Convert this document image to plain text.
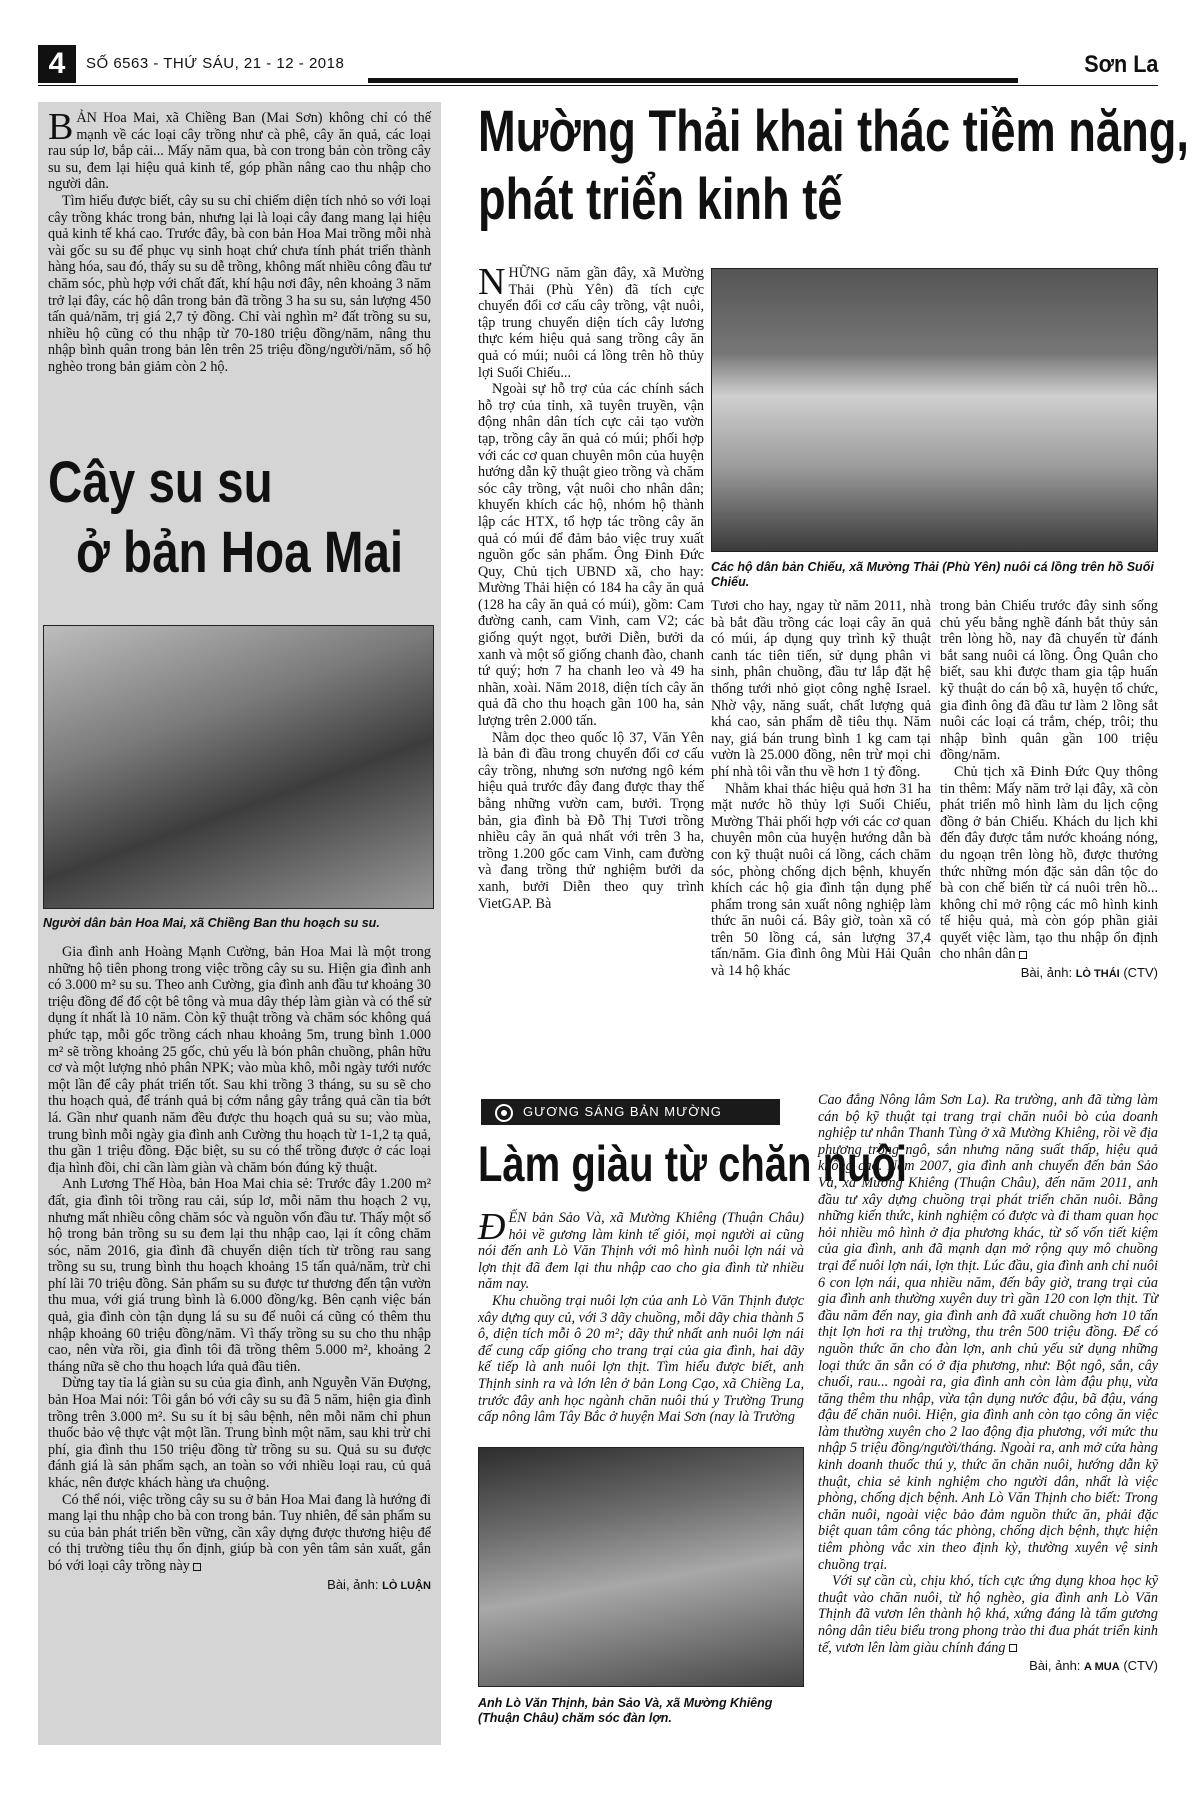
4	SỐ 6563 - THỨ SÁU, 21 - 12 - 2018	Sơn La

BẢN Hoa Mai, xã Chiềng Ban (Mai Sơn) không chỉ có thế mạnh về các loại cây trồng như cà phê, cây ăn quả, các loại rau súp lơ, bắp cải... Mấy năm qua, bà con trong bản còn trồng cây su su, đem lại hiệu quả kinh tế, góp phần nâng cao thu nhập cho người dân.

Tìm hiểu được biết, cây su su chỉ chiếm diện tích nhỏ so với loại cây trồng khác trong bản, nhưng lại là loại cây đang mang lại hiệu quả kinh tế khá cao. Trước đây, bà con bản Hoa Mai trồng mỗi nhà vài gốc su su để phục vụ sinh hoạt chứ chưa tính phát triển thành hàng hóa, sau đó, thấy su su dễ trồng, không mất nhiều công đầu tư chăm sóc, phù hợp với chất đất, khí hậu nơi đây, nên khoảng 3 năm trở lại đây, các hộ dân trong bản đã trồng 3 ha su su, sản lượng 450 tấn quả/năm, trị giá 2,7 tỷ đồng. Chỉ vài nghìn m² đất trồng su su, nhiều hộ cũng có thu nhập từ 70-180 triệu đồng/năm, nâng thu nhập bình quân trong bản lên trên 25 triệu đồng/người/năm, số hộ nghèo trong bản giảm còn 2 hộ.

Cây su su
ở bản Hoa Mai
Người dân bản Hoa Mai, xã Chiềng Ban thu hoạch su su.

Gia đình anh Hoàng Mạnh Cường, bản Hoa Mai là một trong những hộ tiên phong trong việc trồng cây su su. Hiện gia đình anh có 3.000 m² su su. Theo anh Cường, gia đình anh đầu tư khoảng 30 triệu đồng để đổ cột bê tông và mua dây thép làm giàn và có thể sử dụng ít nhất là 10 năm. Còn kỹ thuật trồng và chăm sóc không quá phức tạp, mỗi gốc trồng cách nhau khoảng 5m, trung bình 1.000 m² sẽ trồng khoảng 25 gốc, chủ yếu là bón phân chuồng, phân hữu cơ và một lượng nhỏ phân NPK; vào mùa khô, mỗi ngày tưới nước một lần để cây phát triển tốt. Sau khi trồng 3 tháng, su su sẽ cho thu hoạch quả, để tránh quả bị cớm nắng gây trắng quả cần tỉa bớt lá. Gần như quanh năm đều được thu hoạch quả su su; vào mùa, trung bình mỗi ngày gia đình anh Cường thu hoạch từ 1-1,2 tạ quả, thu gần 1 triệu đồng. Đặc biệt, su su có thể trồng được ở các loại địa hình đồi, chỉ cần làm giàn và chăm bón đúng kỹ thuật.

Anh Lương Thế Hòa, bản Hoa Mai chia sẻ: Trước đây 1.200 m² đất, gia đình tôi trồng rau cải, súp lơ, mỗi năm thu hoạch 2 vụ, nhưng mất nhiều công chăm sóc và nguồn vốn đầu tư. Thấy một số hộ trong bản trồng su su đem lại thu nhập cao, lại ít công chăm sóc, năm 2016, gia đình đã chuyển diện tích từ trồng rau sang trồng su su, trung bình thu hoạch khoảng 15 tấn quả/năm, trừ chi phí lãi 70 triệu đồng. Sản phẩm su su được tư thương đến tận vườn thu mua, với giá trung bình là 6.000 đồng/kg. Bên cạnh việc bán quả, gia đình còn tận dụng lá su su để nuôi cá cũng có thêm thu nhập khoảng 60 triệu đồng/năm. Vì thấy trồng su su cho thu nhập cao, nên vừa rồi, gia đình tôi đã trồng thêm 5.000 m², khoảng 2 tháng nữa sẽ cho thu hoạch lứa quả đầu tiên.

Dừng tay tỉa lá giàn su su của gia đình, anh Nguyễn Văn Đượng, bản Hoa Mai nói: Tôi gắn bó với cây su su đã 5 năm, hiện gia đình trồng trên 3.000 m². Su su ít bị sâu bệnh, nên mỗi năm chỉ phun thuốc bảo vệ thực vật một lần. Trung bình một năm, sau khi trừ chi phí, gia đình thu 150 triệu đồng từ trồng su su. Quả su su được đánh giá là sản phẩm sạch, an toàn so với nhiều loại rau, củ quả khác, nên được khách hàng ưa chuộng.

Có thể nói, việc trồng cây su su ở bản Hoa Mai đang là hướng đi mang lại thu nhập cho bà con trong bản. Tuy nhiên, để sản phẩm su su của bản phát triển bền vững, cần xây dựng được thương hiệu để có thị trường tiêu thụ ổn định, giúp bà con yên tâm sản xuất, gắn bó với loại cây trồng này

Bài, ảnh: LÒ LUẬN
Mường Thải khai thác tiềm năng,
phát triển kinh tế

NHỮNG năm gần đây, xã Mường Thải (Phù Yên) đã tích cực chuyển đổi cơ cấu cây trồng, vật nuôi, tập trung chuyển diện tích cây lương thực kém hiệu quả sang trồng cây ăn quả có múi; nuôi cá lồng trên hồ thủy lợi Suối Chiếu...

Ngoài sự hỗ trợ của các chính sách hỗ trợ của tỉnh, xã tuyên truyền, vận động nhân dân tích cực cải tạo vườn tạp, trồng cây ăn quả có múi; phối hợp với các cơ quan chuyên môn của huyện hướng dẫn kỹ thuật gieo trồng và chăm sóc cây trồng, vật nuôi cho nhân dân; khuyến khích các hộ, nhóm hộ thành lập các HTX, tổ hợp tác trồng cây ăn quả có múi để đảm bảo việc truy xuất nguồn gốc sản phẩm. Ông Đinh Đức Quy, Chủ tịch UBND xã, cho hay: Mường Thải hiện có 184 ha cây ăn quả (128 ha cây ăn quả có múi), gồm: Cam đường canh, cam Vinh, cam V2; các giống quýt ngọt, bưởi Diễn, bưởi da xanh và một số giống chanh đào, chanh tứ quý; hơn 7 ha chanh leo và 49 ha nhãn, xoài. Năm 2018, diện tích cây ăn quả đã cho thu hoạch gần 100 ha, sản lượng trên 2.000 tấn.

Nằm dọc theo quốc lộ 37, Văn Yên là bản đi đầu trong chuyển đổi cơ cấu cây trồng, nhưng sơn nương ngô kém hiệu quả trước đây đang được thay thế bằng những vườn cam, bưởi. Trọng bản, gia đình bà Đỗ Thị Tươi trồng nhiều cây ăn quả nhất với trên 3 ha, trồng 1.200 gốc cam Vinh, cam đường và đang trồng thử nghiệm bưởi da xanh, bưởi Diễn theo quy trình VietGAP. Bà

Các hộ dân bản Chiếu, xã Mường Thải (Phù Yên) nuôi cá lồng trên hồ Suối Chiếu.

Tươi cho hay, ngay từ năm 2011, nhà bà bắt đầu trồng các loại cây ăn quả có múi, áp dụng quy trình kỹ thuật canh tác tiên tiến, sử dụng phân vi sinh, phân chuồng, đầu tư lắp đặt hệ thống tưới nhỏ giọt công nghệ Israel. Nhờ vậy, năng suất, chất lượng quả khá cao, sản phẩm dễ tiêu thụ. Năm nay, giá bán trung bình 1 kg cam tại vườn là 25.000 đồng, nên trừ mọi chi phí nhà tôi vẫn thu về hơn 1 tỷ đồng.

Nhằm khai thác hiệu quả hơn 31 ha mặt nước hồ thủy lợi Suối Chiếu, Mường Thải phối hợp với các cơ quan chuyên môn của huyện hướng dẫn bà con kỹ thuật nuôi cá lồng, cách chăm sóc, phòng chống dịch bệnh, khuyến khích các hộ gia đình tận dụng phế phẩm trong sản xuất nông nghiệp làm thức ăn nuôi cá. Bây giờ, toàn xã có trên 50 lồng cá, sản lượng 37,4 tấn/năm. Gia đình ông Mùi Hải Quân và 14 hộ khác

trong bản Chiếu trước đây sinh sống chủ yếu bằng nghề đánh bắt thủy sản trên lòng hồ, nay đã chuyển từ đánh bắt sang nuôi cá lồng. Ông Quân cho biết, sau khi được tham gia tập huấn kỹ thuật do cán bộ xã, huyện tổ chức, gia đình ông đã đầu tư làm 2 lồng sắt nuôi các loại cá trắm, chép, trôi; thu nhập bình quân gần 100 triệu đồng/năm.

Chủ tịch xã Đinh Đức Quy thông tin thêm: Mấy năm trở lại đây, xã còn phát triển mô hình làm du lịch cộng đồng ở bản Chiếu. Khách du lịch khi đến đây được tắm nước khoáng nóng, du ngoạn trên lòng hồ, được thưởng thức những món đặc sản dân tộc do bà con chế biến từ cá nuôi trên hồ... không chỉ mở rộng các mô hình kinh tế hiệu quả, mà còn góp phần giải quyết việc làm, tạo thu nhập ổn định cho nhân dân

Bài, ảnh: LÒ THÁI (CTV)
GƯƠNG SÁNG BẢN MƯỜNG
Làm giàu từ chăn nuôi

ĐẾN bản Sảo Và, xã Mường Khiêng (Thuận Châu) hỏi về gương làm kinh tế giỏi, mọi người ai cũng nói đến anh Lò Văn Thịnh với mô hình nuôi lợn nái và lợn thịt đã đem lại thu nhập cao cho gia đình từ nhiều năm nay.

Khu chuồng trại nuôi lợn của anh Lò Văn Thịnh được xây dựng quy củ, với 3 dãy chuồng, mỗi dãy chia thành 5 ô, diện tích mỗi ô 20 m²; dãy thứ nhất anh nuôi lợn nái để cung cấp giống cho trang trại của gia đình, hai dãy kế tiếp là anh nuôi lợn thịt. Tìm hiểu được biết, anh Thịnh sinh ra và lớn lên ở bản Long Cạo, xã Chiềng La, trước đây anh học ngành chăn nuôi thú y Trường Trung cấp nông lâm Tây Bắc ở huyện Mai Sơn (nay là Trường

Anh Lò Văn Thịnh, bản Sảo Và, xã Mường Khiêng (Thuận Châu) chăm sóc đàn lợn.

Cao đẳng Nông lâm Sơn La). Ra trường, anh đã từng làm cán bộ kỹ thuật tại trang trại chăn nuôi bò của doanh nghiệp tư nhân Thanh Tùng ở xã Mường Khiêng, rồi về địa phương trồng ngô, sắn nhưng năng suất thấp, hiệu quả không cao. Năm 2007, gia đình anh chuyển đến bản Sảo Và, xã Mường Khiêng (Thuận Châu), đến năm 2011, anh đầu tư xây dựng chuồng trại phát triển chăn nuôi. Bằng những kiến thức, kinh nghiệm có được và đi tham quan học hỏi nhiều mô hình ở địa phương khác, từ số vốn tiết kiệm của gia đình, anh đã mạnh dạn mở rộng quy mô chuồng trại để nuôi lợn nái, lợn thịt. Lúc đầu, gia đình anh chỉ nuôi 6 con lợn nái, qua nhiều năm, đến bây giờ, trang trại của gia đình anh thường xuyên duy trì gần 120 con lợn thịt. Từ đầu năm đến nay, gia đình anh đã xuất chuồng hơn 10 tấn thịt lợn hơi ra thị trường, thu trên 500 triệu đồng. Để có nguồn thức ăn cho đàn lợn, anh chủ yếu sử dụng những loại thức ăn sẵn có ở địa phương, như: Bột ngô, sắn, cây chuối, rau... ngoài ra, gia đình anh còn làm đậu phụ, vừa tăng thêm thu nhập, vừa tận dụng nước đậu, bã đậu, váng đậu để chăn nuôi. Hiện, gia đình anh còn tạo công ăn việc làm thường xuyên cho 2 lao động địa phương, với mức thu nhập 5 triệu đồng/người/tháng. Ngoài ra, anh mở cửa hàng kinh doanh thuốc thú y, thức ăn chăn nuôi, hướng dẫn kỹ thuật, chia sẻ kinh nghiệm cho người dân, nhất là việc phòng, chống dịch bệnh. Anh Lò Văn Thịnh cho biết: Trong chăn nuôi, ngoài việc bảo đảm nguồn thức ăn, phải đặc biệt quan tâm công tác phòng, chống dịch bệnh, thực hiện tiêm phòng vắc xin theo định kỳ, thường xuyên vệ sinh chuồng trại.

Với sự cần cù, chịu khó, tích cực ứng dụng khoa học kỹ thuật vào chăn nuôi, từ hộ nghèo, gia đình anh Lò Văn Thịnh đã vươn lên thành hộ khá, xứng đáng là tấm gương nông dân tiêu biểu trong phong trào thi đua phát triển kinh tế, vươn lên làm giàu chính đáng

Bài, ảnh: A MUA (CTV)
